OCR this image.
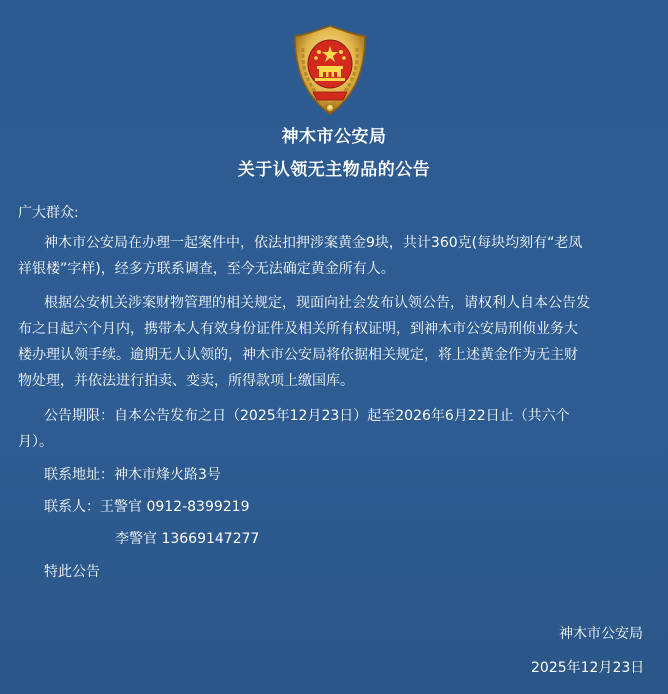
神木市公安局
关于认领无主物品的公告
广大群众:
神木市公安局在办理一起案件中，依法扣押涉案黄金9块，共计360克(每块均刻有“老凤
祥银楼”字样)，经多方联系调查，至今无法确定黄金所有人。
根据公安机关涉案财物管理的相关规定，现面向社会发布认领公告，请权利人自本公告发
布之日起六个月内，携带本人有效身份证件及相关所有权证明，到神木市公安局刑侦业务大
楼办理认领手续。逾期无人认领的，神木市公安局将依据相关规定，将上述黄金作为无主财
物处理，并依法进行拍卖、变卖，所得款项上缴国库。
公告期限：自本公告发布之日（2025年12月23日）起至2026年6月22日止（共六个
月）。
联系地址：神木市烽火路3号
联系人：王警官 0912-8399219
李警官 13669147277
特此公告
神木市公安局
2025年12月23日
